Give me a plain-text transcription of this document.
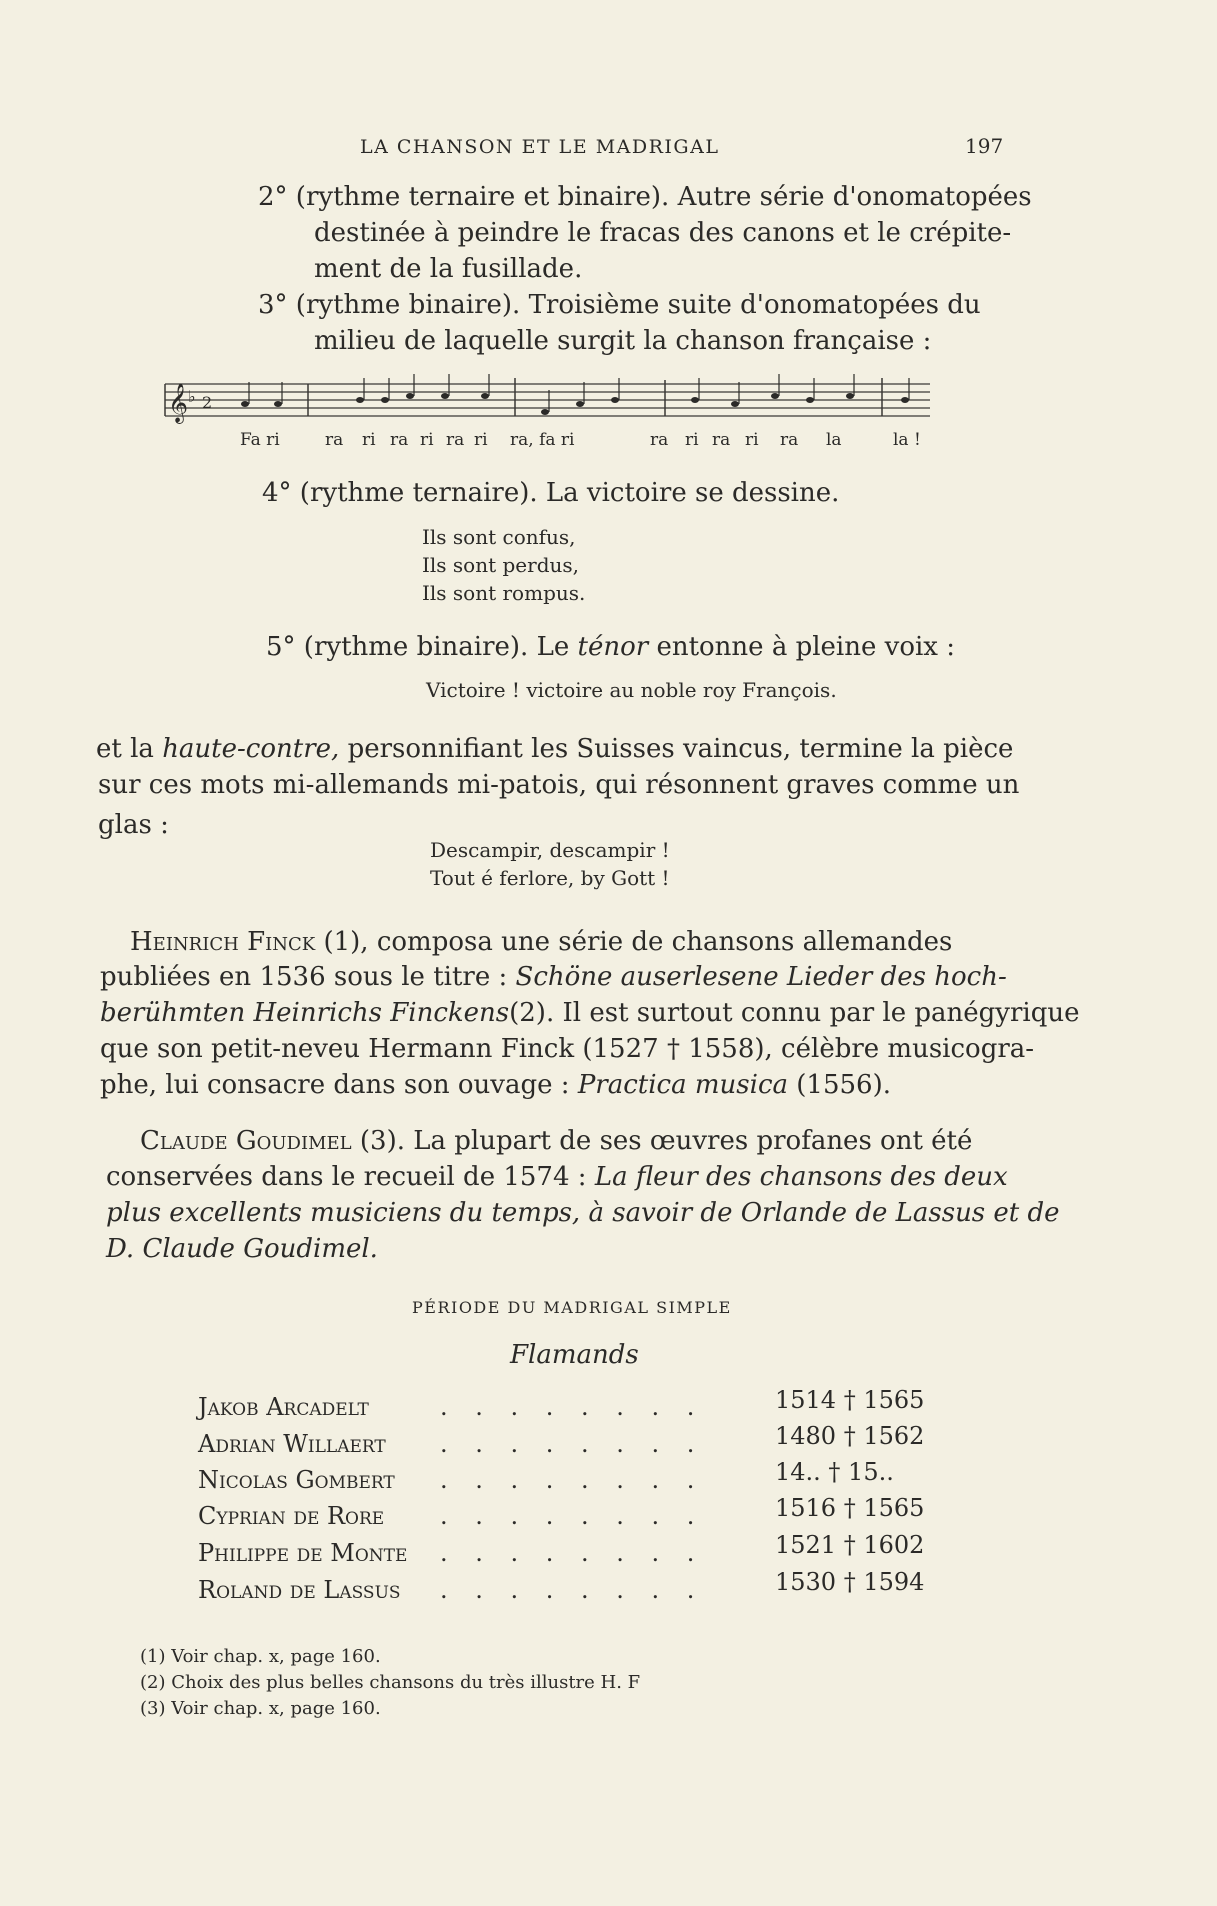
LA CHANSON ET LE MADRIGAL	197
2° (rythme ternaire et binaire). Autre série d'onomatopées
destinée à peindre le fracas des canons et le crépite-
ment de la fusillade.
3° (rythme binaire). Troisième suite d'onomatopées du
milieu de laquelle surgit la chanson française :
𝄞 ♭ 2
Fa ri	ra ri ra ri ra ri ra, fa ri	ra ri ra ri ra la	la !
4° (rythme ternaire). La victoire se dessine.
Ils sont confus,
Ils sont perdus,
Ils sont rompus.
5° (rythme binaire). Le ténor entonne à pleine voix :
Victoire ! victoire au noble roy François.
et la haute-contre, personnifiant les Suisses vaincus, termine la pièce
sur ces mots mi-allemands mi-patois, qui résonnent graves comme un
glas :
Descampir, descampir !
Tout é ferlore, by Gott !
Heinrich Finck (1), composa une série de chansons allemandes
publiées en 1536 sous le titre : Schöne auserlesene Lieder des hoch-
berühmten Heinrichs Finckens(2). Il est surtout connu par le panégyrique
que son petit-neveu Hermann Finck (1527 † 1558), célèbre musicogra-
phe, lui consacre dans son ouvage : Practica musica (1556).
Claude Goudimel (3). La plupart de ses œuvres profanes ont été
conservées dans le recueil de 1574 : La fleur des chansons des deux
plus excellents musiciens du temps, à savoir de Orlande de Lassus et de
D. Claude Goudimel.
PÉRIODE DU MADRIGAL SIMPLE
Flamands
Jakob Arcadelt	. . . . . . . .	1514 † 1565
Adrian Willaert . . . . . . . .	1480 † 1562
Nicolas Gombert . . . . . . . .	14.. † 15..
Cyprian de Rore . . . . . . . .	1516 † 1565
Philippe de Monte . . . . . . . .	1521 † 1602
Roland de Lassus . . . . . . . .	1530 † 1594
(1) Voir chap. x, page 160.
(2) Choix des plus belles chansons du très illustre H. F
(3) Voir chap. x, page 160.
